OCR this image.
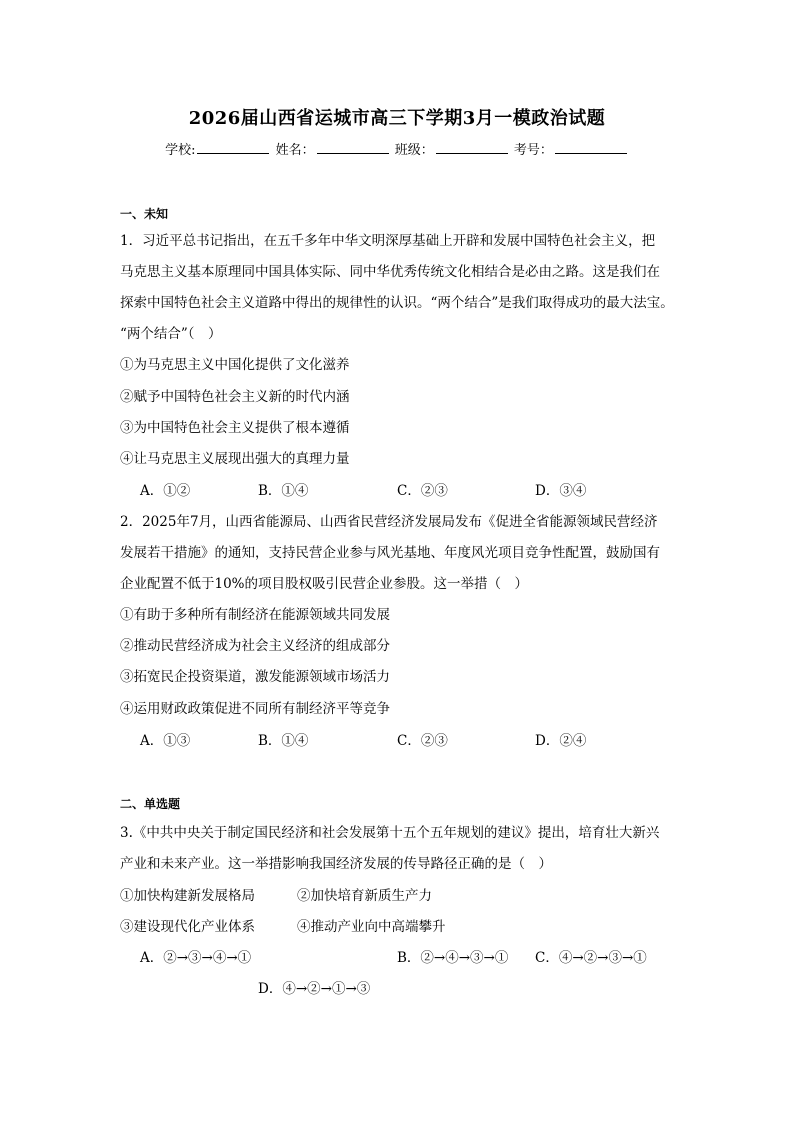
2026届山西省运城市高三下学期3月一模政治试题
学校:	姓名：	班级：	考号：
一、未知
1．习近平总书记指出，在五千多年中华文明深厚基础上开辟和发展中国特色社会主义，把
马克思主义基本原理同中国具体实际、同中华优秀传统文化相结合是必由之路。这是我们在
探索中国特色社会主义道路中得出的规律性的认识。“两个结合”是我们取得成功的最大法宝。
“两个结合”（　）
①为马克思主义中国化提供了文化滋养
②赋予中国特色社会主义新的时代内涵
③为中国特色社会主义提供了根本遵循
④让马克思主义展现出强大的真理力量
A．①②	B．①④	C．②③	D．③④
2．2025年7月，山西省能源局、山西省民营经济发展局发布《促进全省能源领域民营经济
发展若干措施》的通知，支持民营企业参与风光基地、年度风光项目竞争性配置，鼓励国有
企业配置不低于10%的项目股权吸引民营企业参股。这一举措（　）
①有助于多种所有制经济在能源领域共同发展
②推动民营经济成为社会主义经济的组成部分
③拓宽民企投资渠道，激发能源领域市场活力
④运用财政政策促进不同所有制经济平等竞争
A．①③	B．①④	C．②③	D．②④
二、单选题
3.《中共中央关于制定国民经济和社会发展第十五个五年规划的建议》提出，培育壮大新兴
产业和未来产业。这一举措影响我国经济发展的传导路径正确的是（　）
①加快构建新发展格局	②加快培育新质生产力
③建设现代化产业体系	④推动产业向中高端攀升
A．②→③→④→①	B．②→④→③→① C．④→②→③→①
D．④→②→①→③
